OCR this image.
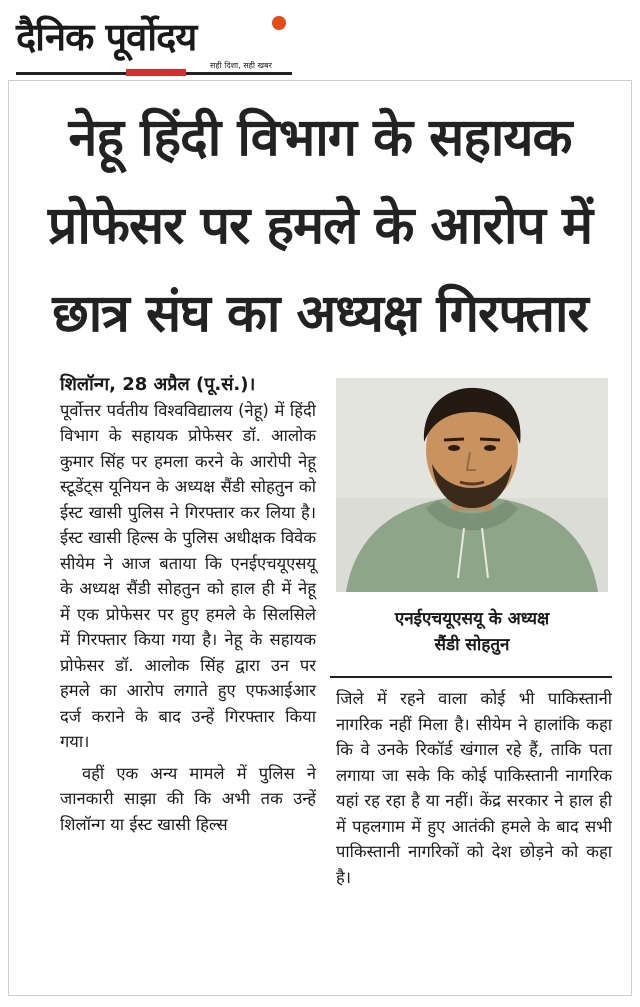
दैनिक पूर्वोदय
सही दिशा, सही खबर
नेहू हिंदी विभाग के सहायक
प्रोफेसर पर हमले के आरोप में
छात्र संघ का अध्यक्ष गिरफ्तार
शिलॉन्ग, 28 अप्रैल (पू.सं.)।

पूर्वोत्तर पर्वतीय विश्वविद्यालय (नेहू) में हिंदी विभाग के सहायक प्रोफेसर डॉ. आलोक कुमार सिंह पर हमला करने के आरोपी नेहू स्टूडेंट्स यूनियन के अध्यक्ष सैंडी सोहतुन को ईस्ट खासी पुलिस ने गिरफ्तार कर लिया है। ईस्ट खासी हिल्स के पुलिस अधीक्षक विवेक सीयेम ने आज बताया कि एनईएचयूएसयू के अध्यक्ष सैंडी सोहतुन को हाल ही में नेहू में एक प्रोफेसर पर हुए हमले के सिलसिले में गिरफ्तार किया गया है। नेहू के सहायक प्रोफेसर डॉ. आलोक सिंह द्वारा उन पर हमले का आरोप लगाते हुए एफआईआर दर्ज कराने के बाद उन्हें गिरफ्तार किया गया।

वहीं एक अन्य मामले में पुलिस ने जानकारी साझा की कि अभी तक उन्हें शिलॉन्ग या ईस्ट खासी हिल्स

एनईएचयूएसयू के अध्यक्ष
सैंडी सोहतुन

जिले में रहने वाला कोई भी पाकिस्तानी नागरिक नहीं मिला है। सीयेम ने हालांकि कहा कि वे उनके रिकॉर्ड खंगाल रहे हैं, ताकि पता लगाया जा सके कि कोई पाकिस्तानी नागरिक यहां रह रहा है या नहीं। केंद्र सरकार ने हाल ही में पहलगाम में हुए आतंकी हमले के बाद सभी पाकिस्तानी नागरिकों को देश छोड़ने को कहा है।
